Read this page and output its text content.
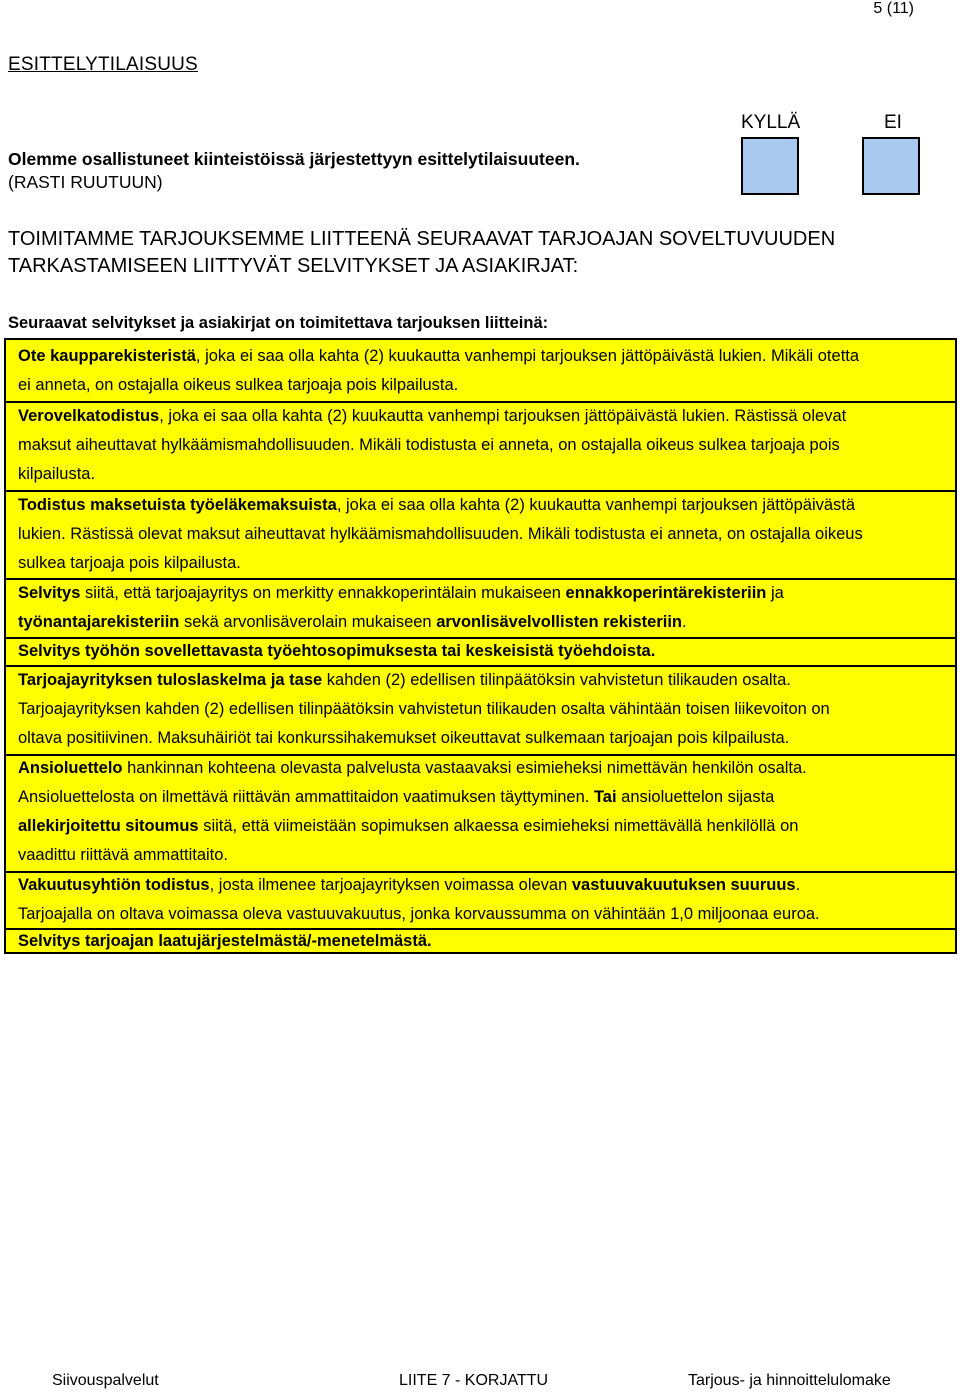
5 (11)
ESITTELYTILAISUUS
KYLLÄ	EI
Olemme osallistuneet kiinteistöissä järjestettyyn esittelytilaisuuteen.
(RASTI RUUTUUN)
TOIMITAMME TARJOUKSEMME LIITTEENÄ SEURAAVAT TARJOAJAN SOVELTUVUUDEN TARKASTAMISEEN LIITTYVÄT SELVITYKSET JA ASIAKIRJAT:
Seuraavat selvitykset ja asiakirjat on toimitettava tarjouksen liitteinä:
Ote kaupparekisteristä, joka ei saa olla kahta (2) kuukautta vanhempi tarjouksen jättöpäivästä lukien. Mikäli otetta
ei anneta, on ostajalla oikeus sulkea tarjoaja pois kilpailusta.
Verovelkatodistus, joka ei saa olla kahta (2) kuukautta vanhempi tarjouksen jättöpäivästä lukien. Rästissä olevat
maksut aiheuttavat hylkäämismahdollisuuden. Mikäli todistusta ei anneta, on ostajalla oikeus sulkea tarjoaja pois
kilpailusta.
Todistus maksetuista työeläkemaksuista, joka ei saa olla kahta (2) kuukautta vanhempi tarjouksen jättöpäivästä
lukien. Rästissä olevat maksut aiheuttavat hylkäämismahdollisuuden. Mikäli todistusta ei anneta, on ostajalla oikeus
sulkea tarjoaja pois kilpailusta.
Selvitys siitä, että tarjoajayritys on merkitty ennakkoperintälain mukaiseen ennakkoperintärekisteriin ja
työnantajarekisteriin sekä arvonlisäverolain mukaiseen arvonlisävelvollisten rekisteriin.
Selvitys työhön sovellettavasta työehtosopimuksesta tai keskeisistä työehdoista.
Tarjoajayrityksen tuloslaskelma ja tase kahden (2) edellisen tilinpäätöksin vahvistetun tilikauden osalta.
Tarjoajayrityksen kahden (2) edellisen tilinpäätöksin vahvistetun tilikauden osalta vähintään toisen liikevoiton on
oltava positiivinen. Maksuhäiriöt tai konkurssihakemukset oikeuttavat sulkemaan tarjoajan pois kilpailusta.
Ansioluettelo hankinnan kohteena olevasta palvelusta vastaavaksi esimieheksi nimettävän henkilön osalta.
Ansioluettelosta on ilmettävä riittävän ammattitaidon vaatimuksen täyttyminen. Tai ansioluettelon sijasta
allekirjoitettu sitoumus siitä, että viimeistään sopimuksen alkaessa esimieheksi nimettävällä henkilöllä on
vaadittu riittävä ammattitaito.
Vakuutusyhtiön todistus, josta ilmenee tarjoajayrityksen voimassa olevan vastuuvakuutuksen suuruus.
Tarjoajalla on oltava voimassa oleva vastuuvakuutus, jonka korvaussumma on vähintään 1,0 miljoonaa euroa.
Selvitys tarjoajan laatujärjestelmästä/-menetelmästä.
Siivouspalvelut	LIITE 7 - KORJATTU	Tarjous- ja hinnoittelulomake
